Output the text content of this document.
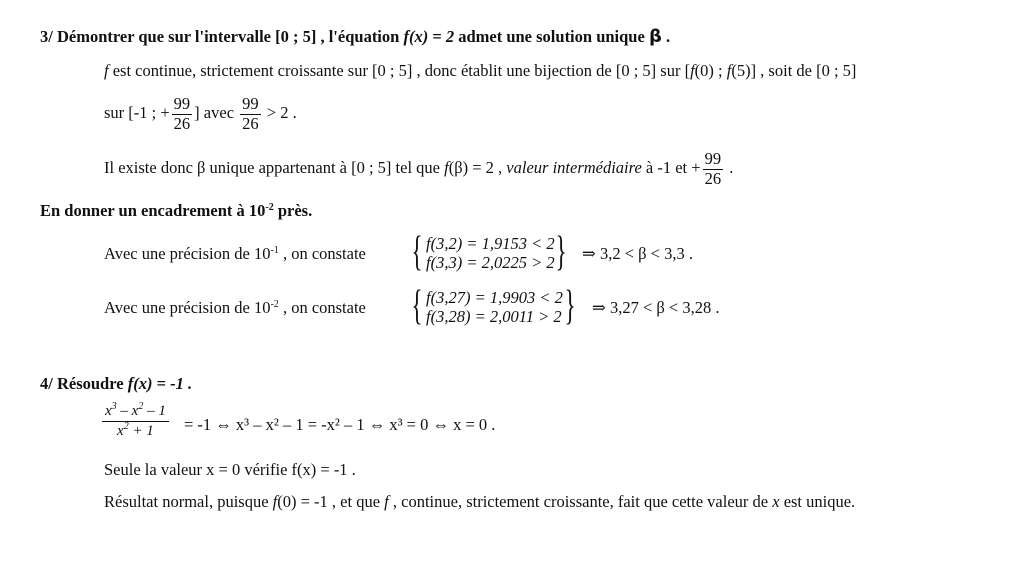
3/ Démontrer que sur l'intervalle [0 ; 5] , l'équation f(x) = 2 admet une solution unique β .
f est continue, strictement croissante sur [0 ; 5] , donc établit une bijection de [0 ; 5] sur [f(0) ; f(5)] , soit de [0 ; 5]
sur [-1 ; + $\frac{99}{26}$ ] avec $\frac{99}{26} > 2$ .
Il existe donc β unique appartenant à [0 ; 5] tel que f(β) = 2 , valeur intermédiaire à -1 et + $\frac{99}{26}$ .
En donner un encadrement à $10^{-2}$ près.
Avec une précision de $10^{-1}$ , on constate { f(3,2) = 1,9153 < 2
f(3,3) = 2,0225 > 2 } ⇒ 3,2 < β < 3,3 .
Avec une précision de $10^{-2}$ , on constate { f(3,27) = 1,9903 < 2
f(3,28) = 2,0011 > 2 } ⇒ 3,27 < β < 3,28 .
4/ Résoudre f(x) = -1 .
$\frac{x^3 - x^2 - 1}{x^2 + 1} = -1$ ⇔ x³ – x² – 1 = -x² – 1 ⇔ x³ = 0 ⇔ x = 0 .
Seule la valeur x = 0 vérifie f(x) = -1 .
Résultat normal, puisque f(0) = -1 , et que f , continue, strictement croissante, fait que cette valeur de x est unique.
